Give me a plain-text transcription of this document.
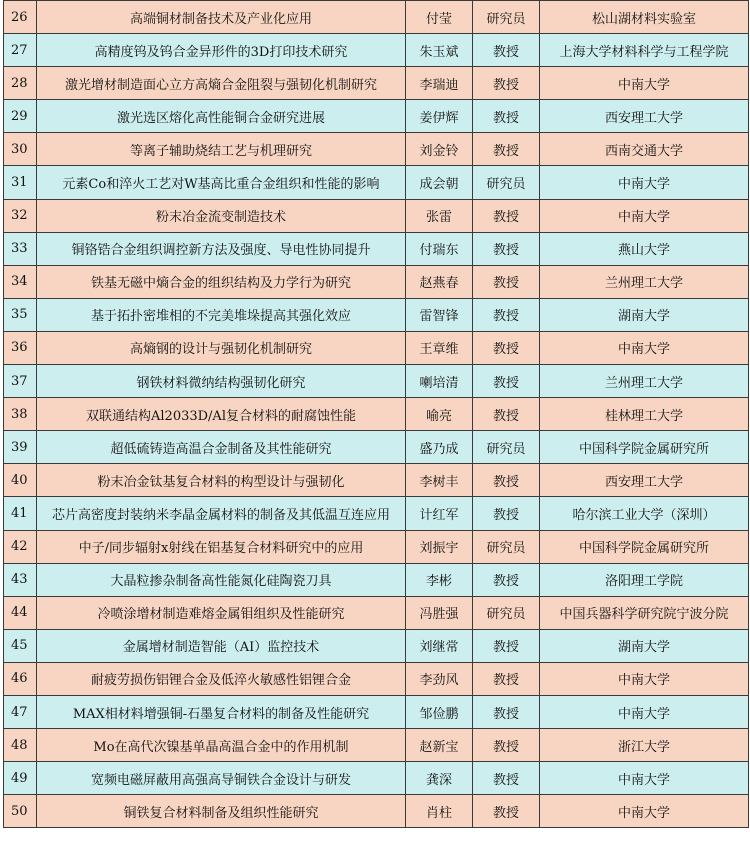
26	高端铜材制备技术及产业化应用	付莹	研究员	松山湖材料实验室
27	高精度钨及钨合金异形件的3D打印技术研究	朱玉斌	教授	上海大学材料科学与工程学院
28	激光增材制造面心立方高熵合金阻裂与强韧化机制研究	李瑞迪	教授	中南大学
29	激光选区熔化高性能铜合金研究进展	姜伊辉	教授	西安理工大学
30	等离子辅助烧结工艺与机理研究	刘金铃	教授	西南交通大学
31	元素Co和淬火工艺对W基高比重合金组织和性能的影响	成会朝	研究员	中南大学
32	粉末冶金流变制造技术	张雷	教授	中南大学
33	铜铬锆合金组织调控新方法及强度、导电性协同提升	付瑞东	教授	燕山大学
34	铁基无磁中熵合金的组织结构及力学行为研究	赵燕春	教授	兰州理工大学
35	基于拓扑密堆相的不完美堆垛提高其强化效应	雷智锋	教授	湖南大学
36	高熵钢的设计与强韧化机制研究	王章维	教授	中南大学
37	钢铁材料微纳结构强韧化研究	喇培清	教授	兰州理工大学
38	双联通结构Al2033D/Al复合材料的耐腐蚀性能	喻亮	教授	桂林理工大学
39	超低硫铸造高温合金制备及其性能研究	盛乃成	研究员	中国科学院金属研究所
40	粉末冶金钛基复合材料的构型设计与强韧化	李树丰	教授	西安理工大学
41	芯片高密度封装纳米李晶金属材料的制备及其低温互连应用	计红军	教授	哈尔滨工业大学（深圳）
42	中子/同步辐射x射线在铝基复合材料研究中的应用	刘振宇	研究员	中国科学院金属研究所
43	大晶粒掺杂制备高性能氮化硅陶瓷刀具	李彬	教授	洛阳理工学院
44	冷喷涂增材制造难熔金属钼组织及性能研究	冯胜强	研究员	中国兵器科学研究院宁波分院
45	金属增材制造智能（AI）监控技术	刘继常	教授	湖南大学
46	耐疲劳损伤铝锂合金及低淬火敏感性铝锂合金	李劲风	教授	中南大学
47	MAX相材料增强铜-石墨复合材料的制备及性能研究	邹俭鹏	教授	中南大学
48	Mo在高代次镍基单晶高温合金中的作用机制	赵新宝	教授	浙江大学
49	宽频电磁屏蔽用高强高导铜铁合金设计与研发	龚深	教授	中南大学
50	铜铁复合材料制备及组织性能研究	肖柱	教授	中南大学
